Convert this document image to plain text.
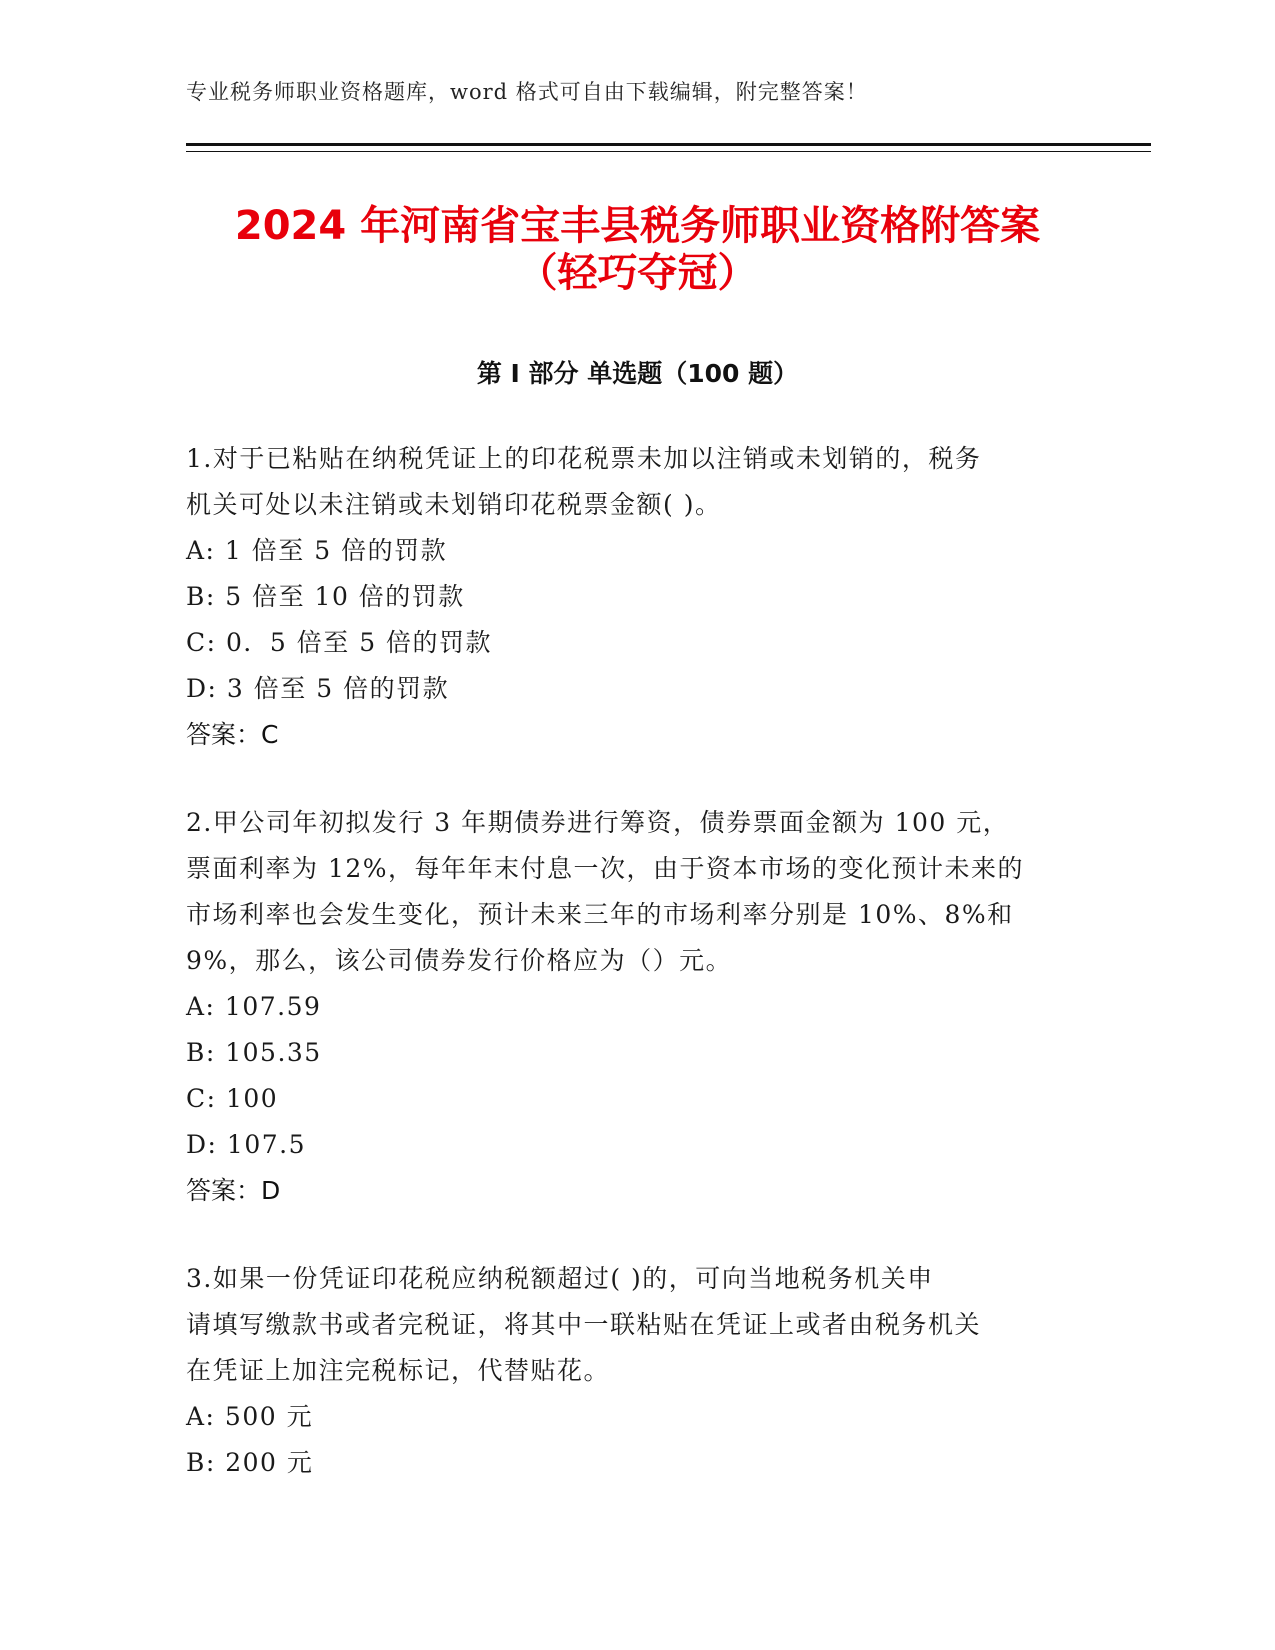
专业税务师职业资格题库，word 格式可自由下载编辑，附完整答案！
2024 年河南省宝丰县税务师职业资格附答案
（轻巧夺冠）
第 I 部分 单选题（100 题）
1.对于已粘贴在纳税凭证上的印花税票未加以注销或未划销的，税务
机关可处以未注销或未划销印花税票金额( )。
A: 1 倍至 5 倍的罚款
B: 5 倍至 10 倍的罚款
C: 0．5 倍至 5 倍的罚款
D: 3 倍至 5 倍的罚款
答案：C
2.甲公司年初拟发行 3 年期债券进行筹资，债券票面金额为 100 元，
票面利率为 12%，每年年末付息一次，由于资本市场的变化预计未来的
市场利率也会发生变化，预计未来三年的市场利率分别是 10%、8%和
9%，那么，该公司债券发行价格应为（）元。
A: 107.59
B: 105.35
C: 100
D: 107.5
答案：D
3.如果一份凭证印花税应纳税额超过( )的，可向当地税务机关申
请填写缴款书或者完税证，将其中一联粘贴在凭证上或者由税务机关
在凭证上加注完税标记，代替贴花。
A: 500 元
B: 200 元
